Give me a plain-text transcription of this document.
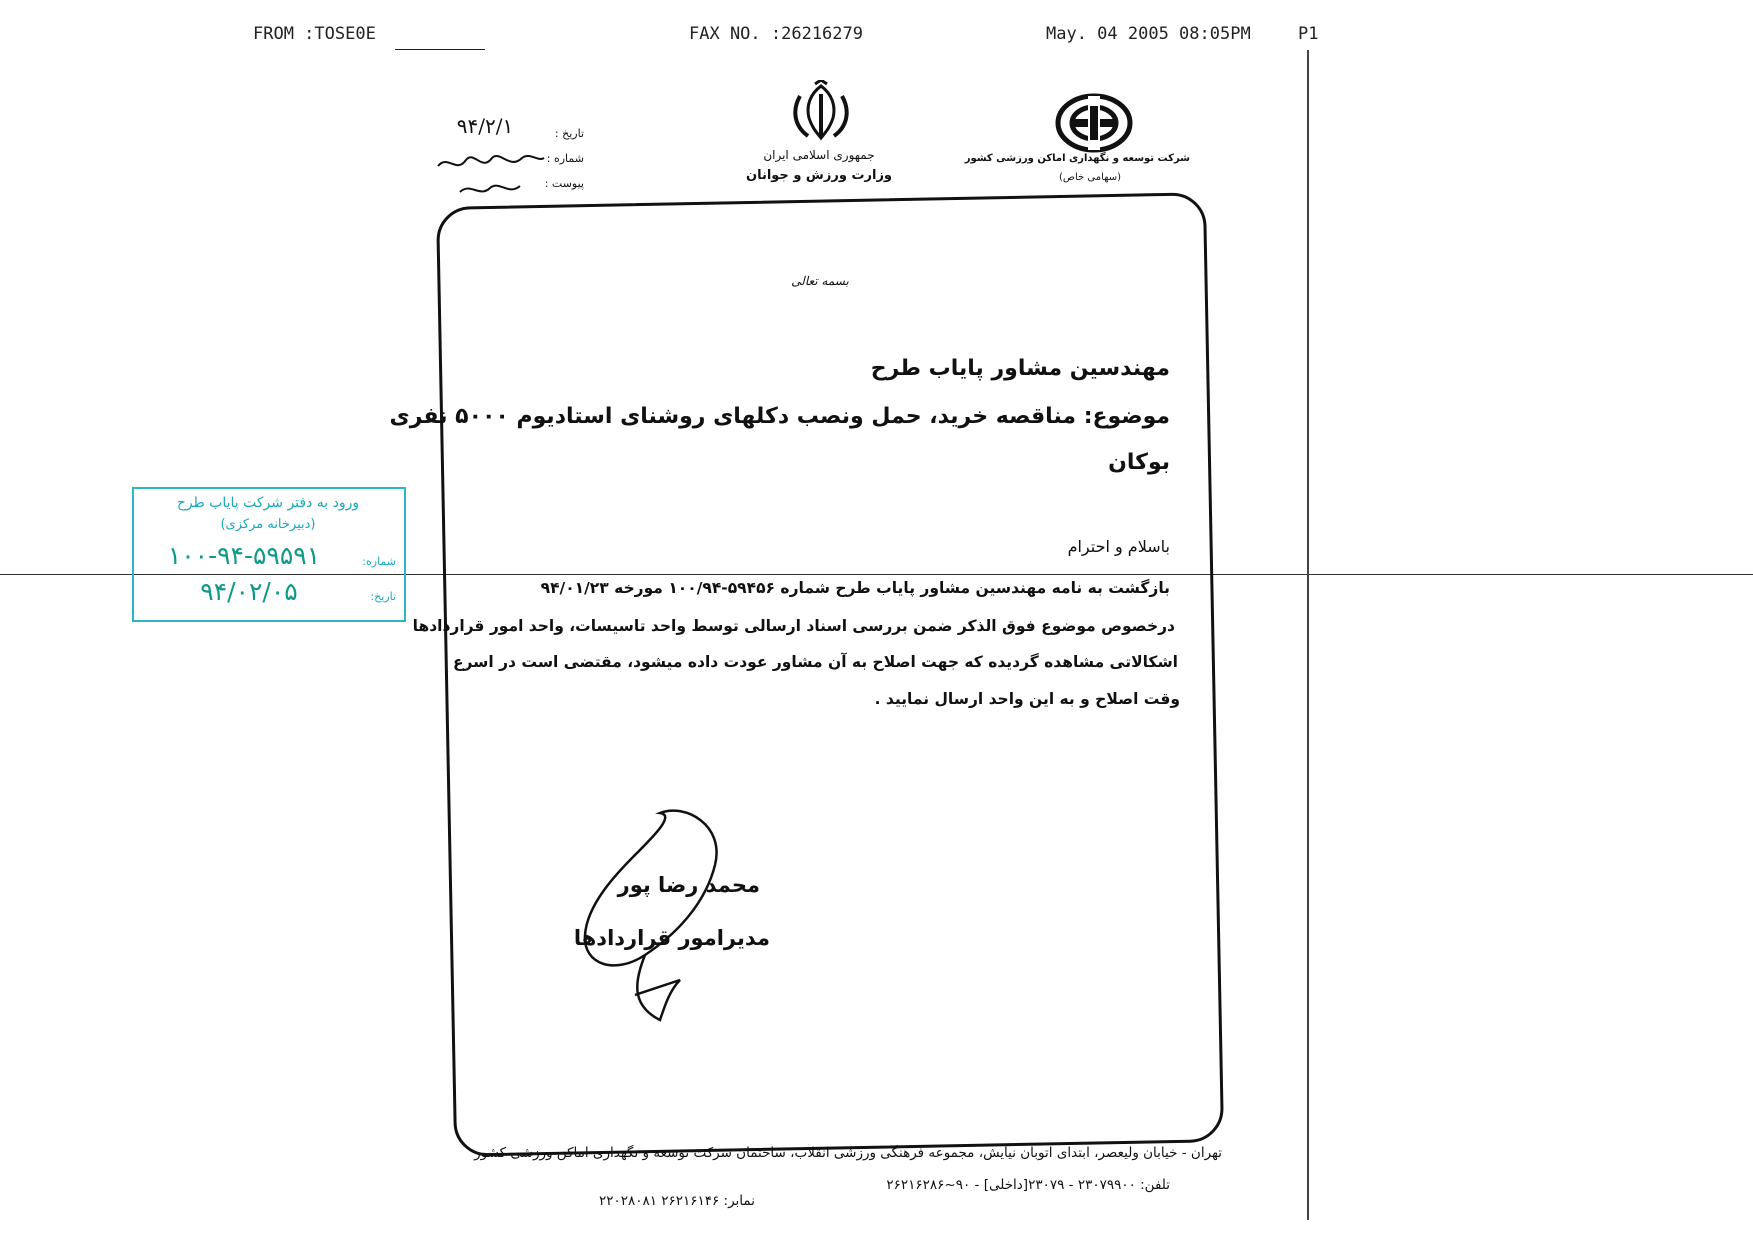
FROM :TOSE0E	FAX NO. :26216279	May. 04 2005 08:05PM	P1
جمهوری اسلامی ایران
وزارت ورزش و جوانان
شرکت توسعه و نگهداری اماکن ورزشی کشور
(سهامی خاص)
تاریخ :
شماره :
پیوست :
۹۴/۲/۱
بسمه تعالی
مهندسین مشاور پایاب طرح
موضوع: مناقصه خرید، حمل ونصب دکلهای روشنای استادیوم ۵۰۰۰ نفری
بوکان
باسلام و احترام
بازگشت به نامه مهندسین مشاور پایاب طرح شماره ۵۹۴۵۶-۱۰۰/۹۴ مورخه ۹۴/۰۱/۲۳
درخصوص موضوع فوق الذکر ضمن بررسی اسناد ارسالی توسط واحد تاسیسات، واحد امور قراردادها
اشکالاتی مشاهده گردیده که جهت اصلاح به آن مشاور عودت داده میشود، مقتضی است در اسرع
وقت اصلاح و به این واحد ارسال نمایید .
محمد رضا پور
مدیرامور قراردادها
ورود به دفتر شرکت پایاب طرح
(دبیرخانه مرکزی)
شماره:
تاریخ:
۱۰۰-۹۴-۵۹۵۹۱
۹۴/۰۲/۰۵
تهران - خیابان ولیعصر، ابتدای اتوبان نیایش، مجموعه فرهنگی ورزشی انقلاب، ساختمان شرکت توسعه و نگهداری اماکن ورزشی کشور
تلفن: ۲۳۰۷۹۹۰۰ - ۲۳۰۷۹[داخلی] - ۹۰~۲۶۲۱۶۲۸۶
نمابر: ۲۶۲۱۶۱۴۶ ۲۲۰۲۸۰۸۱
